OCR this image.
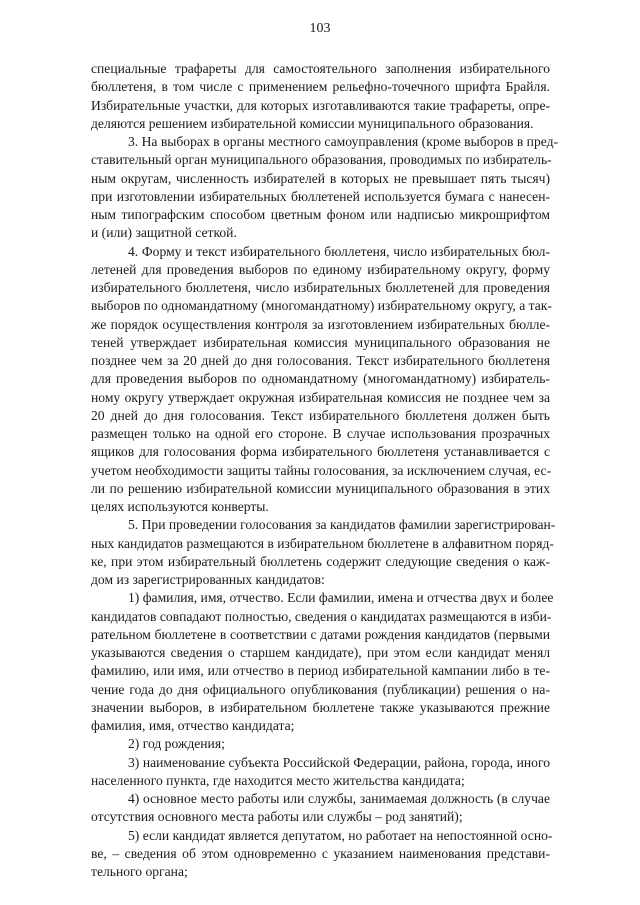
103
специальные трафареты для самостоятельного заполнения избирательного
бюллетеня, в том числе с применением рельефно-точечного шрифта Брайля.
Избирательные участки, для которых изготавливаются такие трафареты, опре-
деляются решением избирательной комиссии муниципального образования.
3. На выборах в органы местного самоуправления (кроме выборов в пред-
ставительный орган муниципального образования, проводимых по избиратель-
ным округам, численность избирателей в которых не превышает пять тысяч)
при изготовлении избирательных бюллетеней используется бумага с нанесен-
ным типографским способом цветным фоном или надписью микрошрифтом
и (или) защитной сеткой.
4. Форму и текст избирательного бюллетеня, число избирательных бюл-
летеней для проведения выборов по единому избирательному округу, форму
избирательного бюллетеня, число избирательных бюллетеней для проведения
выборов по одномандатному (многомандатному) избирательному округу, а так-
же порядок осуществления контроля за изготовлением избирательных бюлле-
теней утверждает избирательная комиссия муниципального образования не
позднее чем за 20 дней до дня голосования. Текст избирательного бюллетеня
для проведения выборов по одномандатному (многомандатному) избиратель-
ному округу утверждает окружная избирательная комиссия не позднее чем за
20 дней до дня голосования. Текст избирательного бюллетеня должен быть
размещен только на одной его стороне. В случае использования прозрачных
ящиков для голосования форма избирательного бюллетеня устанавливается с
учетом необходимости защиты тайны голосования, за исключением случая, ес-
ли по решению избирательной комиссии муниципального образования в этих
целях используются конверты.
5. При проведении голосования за кандидатов фамилии зарегистрирован-
ных кандидатов размещаются в избирательном бюллетене в алфавитном поряд-
ке, при этом избирательный бюллетень содержит следующие сведения о каж-
дом из зарегистрированных кандидатов:
1) фамилия, имя, отчество. Если фамилии, имена и отчества двух и более
кандидатов совпадают полностью, сведения о кандидатах размещаются в изби-
рательном бюллетене в соответствии с датами рождения кандидатов (первыми
указываются сведения о старшем кандидате), при этом если кандидат менял
фамилию, или имя, или отчество в период избирательной кампании либо в те-
чение года до дня официального опубликования (публикации) решения о на-
значении выборов, в избирательном бюллетене также указываются прежние
фамилия, имя, отчество кандидата;
2) год рождения;
3) наименование субъекта Российской Федерации, района, города, иного
населенного пункта, где находится место жительства кандидата;
4) основное место работы или службы, занимаемая должность (в случае
отсутствия основного места работы или службы – род занятий);
5) если кандидат является депутатом, но работает на непостоянной осно-
ве, – сведения об этом одновременно с указанием наименования представи-
тельного органа;
